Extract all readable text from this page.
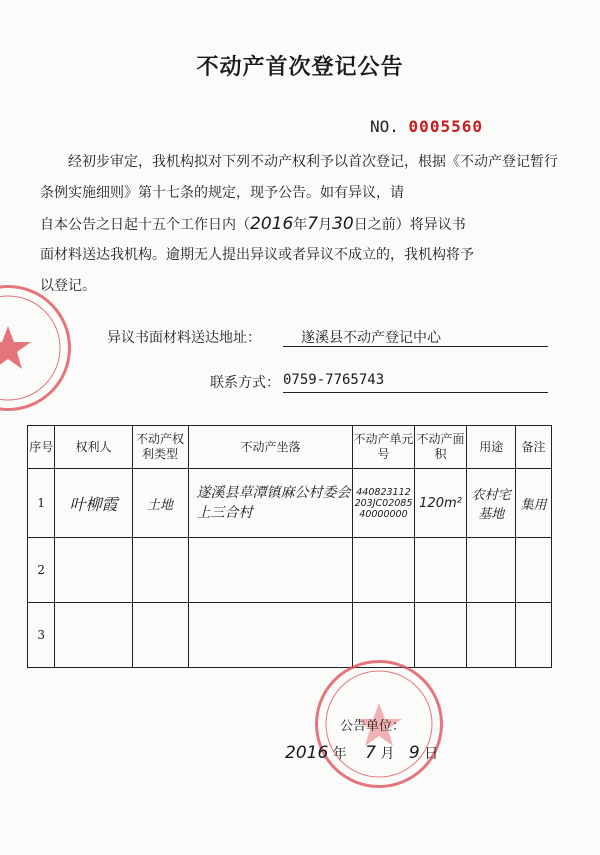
不动产首次登记公告
NO. 0005560
经初步审定，我机构拟对下列不动产权利予以首次登记，根据《不动产登记暂行条例实施细则》第十七条的规定，现予公告。如有异议，请
自本公告之日起十五个工作日内（2016年7月30日之前）将异议书
面材料送达我机构。逾期无人提出异议或者异议不成立的，我机构将予
以登记。
异议书面材料送达地址：	遂溪县不动产登记中心
联系方式： 0759-7765743
序号	权利人	不动产权利类型	不动产坐落	不动产单元号	不动产面 积	用途	备注
1	叶柳霞	土地	遂溪县草潭镇麻公村委会上三合村	440823112203JC0208540000000	120m²	农村宅基地	集用
2							
3							
公告单位：
2016 年 7 月 9 日
